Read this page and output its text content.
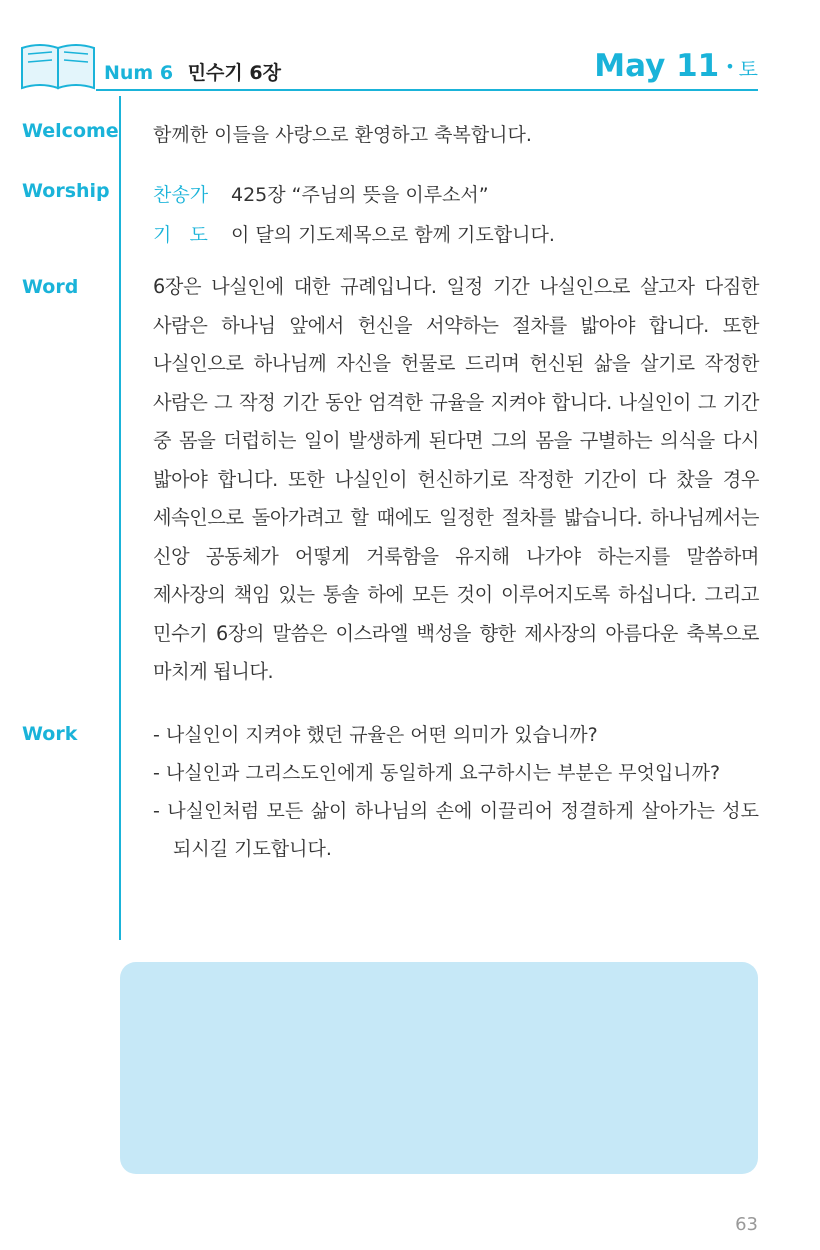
Num 6 민수기 6장	May 11 • 토
Welcome 함께한 이들을 사랑으로 환영하고 축복합니다.
Worship 찬송가 425장 “주님의 뜻을 이루소서”
기   도 이 달의 기도제목으로 함께 기도합니다.
Word	6장은 나실인에 대한 규례입니다. 일정 기간 나실인으로 살고자 다짐한 사람은 하나님 앞에서 헌신을 서약하는 절차를 밟아야 합니다. 또한 나실인으로 하나님께 자신을 헌물로 드리며 헌신된 삶을 살기로 작정한 사람은 그 작정 기간 동안 엄격한 규율을 지켜야 합니다. 나실인이 그 기간 중 몸을 더럽히는 일이 발생하게 된다면 그의 몸을 구별하는 의식을 다시 밟아야 합니다. 또한 나실인이 헌신하기로 작정한 기간이 다 찼을 경우 세속인으로 돌아가려고 할 때에도 일정한 절차를 밟습니다. 하나님께서는 신앙 공동체가 어떻게 거룩함을 유지해 나가야 하는지를 말씀하며 제사장의 책임 있는 통솔 하에 모든 것이 이루어지도록 하십니다. 그리고 민수기 6장의 말씀은 이스라엘 백성을 향한 제사장의 아름다운 축복으로 마치게 됩니다.
Work	- 나실인이 지켜야 했던 규율은 어떤 의미가 있습니까?
- 나실인과 그리스도인에게 동일하게 요구하시는 부분은 무엇입니까?
- 나실인처럼 모든 삶이 하나님의 손에 이끌리어 정결하게 살아가는 성도 되시길 기도합니다.
63
